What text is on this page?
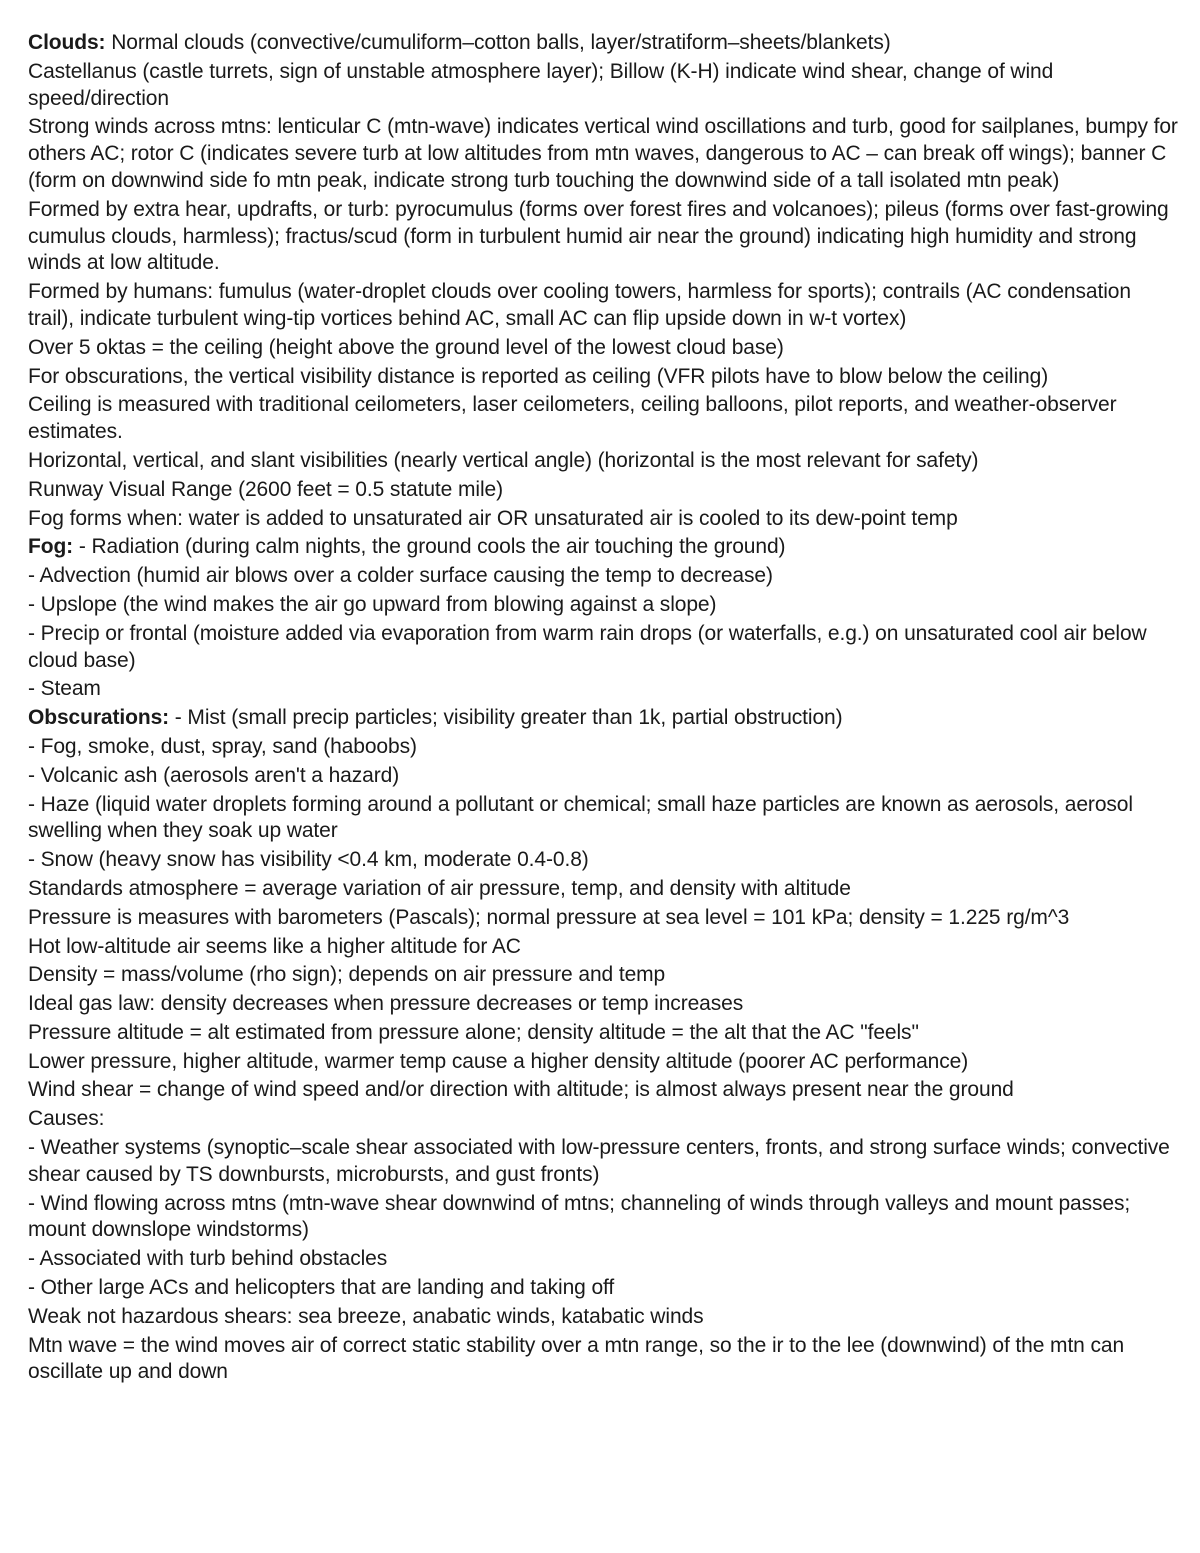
Clouds: Normal clouds (convective/cumuliform–cotton balls, layer/stratiform–sheets/blankets)

Castellanus (castle turrets, sign of unstable atmosphere layer); Billow (K-H) indicate wind shear, change of wind speed/direction

Strong winds across mtns: lenticular C (mtn-wave) indicates vertical wind oscillations and turb, good for sailplanes, bumpy for others AC; rotor C (indicates severe turb at low altitudes from mtn waves, dangerous to AC – can break off wings); banner C (form on downwind side fo mtn peak, indicate strong turb touching the downwind side of a tall isolated mtn peak)

Formed by extra hear, updrafts, or turb: pyrocumulus (forms over forest fires and volcanoes); pileus (forms over fast-growing cumulus clouds, harmless); fractus/scud (form in turbulent humid air near the ground) indicating high humidity and strong winds at low altitude.

Formed by humans: fumulus (water-droplet clouds over cooling towers, harmless for sports); contrails (AC condensation trail), indicate turbulent wing-tip vortices behind AC, small AC can flip upside down in w-t vortex)

Over 5 oktas = the ceiling (height above the ground level of the lowest cloud base)

For obscurations, the vertical visibility distance is reported as ceiling (VFR pilots have to blow below the ceiling)

Ceiling is measured with traditional ceilometers, laser ceilometers, ceiling balloons, pilot reports, and weather-observer estimates.

Horizontal, vertical, and slant visibilities (nearly vertical angle) (horizontal is the most relevant for safety)

Runway Visual Range (2600 feet = 0.5 statute mile)

Fog forms when: water is added to unsaturated air OR unsaturated air is cooled to its dew-point temp

Fog: - Radiation (during calm nights, the ground cools the air touching the ground)

- Advection (humid air blows over a colder surface causing the temp to decrease)

- Upslope (the wind makes the air go upward from blowing against a slope)

- Precip or frontal (moisture added via evaporation from warm rain drops (or waterfalls, e.g.) on unsaturated cool air below cloud base)

- Steam

Obscurations: - Mist (small precip particles; visibility greater than 1k, partial obstruction)

- Fog, smoke, dust, spray, sand (haboobs)

- Volcanic ash (aerosols aren't a hazard)

- Haze (liquid water droplets forming around a pollutant or chemical; small haze particles are known as aerosols, aerosol swelling when they soak up water

- Snow (heavy snow has visibility <0.4 km, moderate 0.4-0.8)

Standards atmosphere = average variation of air pressure, temp, and density with altitude

Pressure is measures with barometers (Pascals); normal pressure at sea level = 101 kPa; density = 1.225 rg/m^3

Hot low-altitude air seems like a higher altitude for AC

Density = mass/volume (rho sign); depends on air pressure and temp

Ideal gas law: density decreases when pressure decreases or temp increases

Pressure altitude = alt estimated from pressure alone; density altitude = the alt that the AC "feels"

Lower pressure, higher altitude, warmer temp cause a higher density altitude (poorer AC performance)

Wind shear = change of wind speed and/or direction with altitude; is almost always present near the ground

Causes:

- Weather systems (synoptic–scale shear associated with low-pressure centers, fronts, and strong surface winds; convective shear caused by TS downbursts, microbursts, and gust fronts)

- Wind flowing across mtns (mtn-wave shear downwind of mtns; channeling of winds through valleys and mount passes; mount downslope windstorms)

- Associated with turb behind obstacles

- Other large ACs and helicopters that are landing and taking off

Weak not hazardous shears: sea breeze, anabatic winds, katabatic winds

Mtn wave = the wind moves air of correct static stability over a mtn range, so the ir to the lee (downwind) of the mtn can oscillate up and down
